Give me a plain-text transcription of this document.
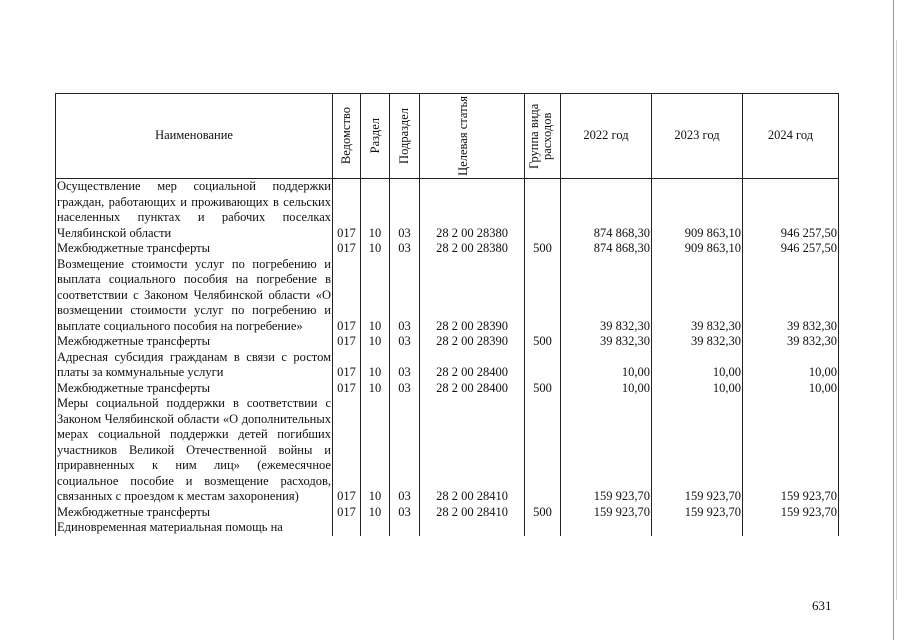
Наименование	Ведомство	Раздел	Подраздел	Целевая статья	Группа вида расходов	2022 год	2023 год	2024 год
Осуществление мер социальной поддержки граждан, работающих и проживающих в сельских населенных пунктах и рабочих поселках Челябинской области	017	10	03	28 2 00 28380		874 868,30	909 863,10	946 257,50
Межбюджетные трансферты	017	10	03	28 2 00 28380	500	874 868,30	909 863,10	946 257,50
Возмещение стоимости услуг по погребению и выплата социального пособия на погребение в соответствии с Законом Челябинской области «О возмещении стоимости услуг по погребению и выплате социального пособия на погребение»	017	10	03	28 2 00 28390		39 832,30	39 832,30	39 832,30
Межбюджетные трансферты	017	10	03	28 2 00 28390	500	39 832,30	39 832,30	39 832,30
Адресная субсидия гражданам в связи с ростом платы за коммунальные услуги	017	10	03	28 2 00 28400		10,00	10,00	10,00
Межбюджетные трансферты	017	10	03	28 2 00 28400	500	10,00	10,00	10,00
Меры социальной поддержки в соответствии с Законом Челябинской области «О дополнительных мерах социальной поддержки детей погибших участников Великой Отечественной войны и приравненных к ним лиц» (ежемесячное социальное пособие и возмещение расходов, связанных с проездом к местам захоронения)	017	10	03	28 2 00 28410		159 923,70	159 923,70	159 923,70
Межбюджетные трансферты	017	10	03	28 2 00 28410	500	159 923,70	159 923,70	159 923,70
Единовременная материальная помощь на								
631
